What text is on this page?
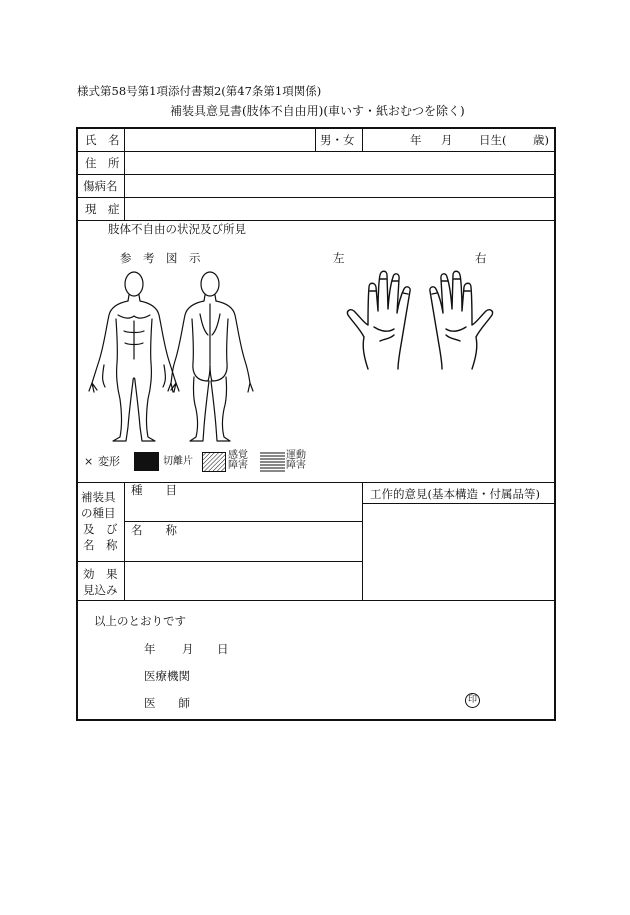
様式第58号第1項添付書類2(第47条第1項関係)
補装具意見書(肢体不自由用)(車いす・紙おむつを除く)
氏　名	男・女	年 月 日生( 歳)
住　所
傷病名
現　症
肢体不自由の状況及び所見
参　考　図　示	左	右
× 変形	切離片
感覚
障害
運動
障害
補装具
の種目
及　び
名　称
種　　目
名　　称
効　果
見込み
工作的意見(基本構造・付属品等)
以上のとおりです
年 月 日
医療機関
医　　師	印
